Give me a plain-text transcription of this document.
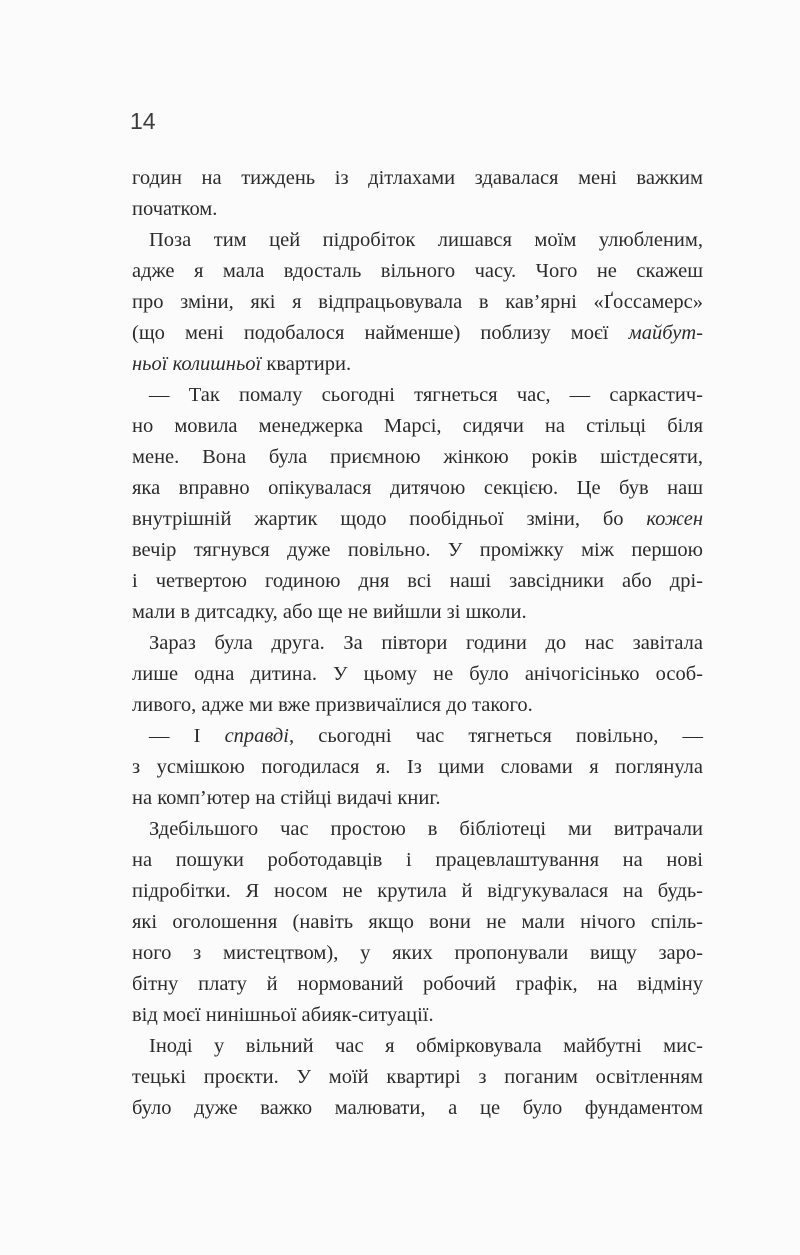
14

годин на тиждень із дітлахами здавалася мені важким
початком.

Поза тим цей підробіток лишався моїм улюбленим,
адже я мала вдосталь вільного часу. Чого не скажеш
про зміни, які я відпрацьовувала в кав’ярні «Ґоссамерс»
(що мені подобалося найменше) поблизу моєї майбут-
ньої колишньої квартири.

— Так помалу сьогодні тягнеться час, — саркастич-
но мовила менеджерка Марсі, сидячи на стільці біля
мене. Вона була приємною жінкою років шістдесяти,
яка вправно опікувалася дитячою секцією. Це був наш
внутрішній жартик щодо пообідньої зміни, бо кожен
вечір тягнувся дуже повільно. У проміжку між першою
і четвертою годиною дня всі наші завсідники або дрі-
мали в дитсадку, або ще не вийшли зі школи.

Зараз була друга. За півтори години до нас завітала
лише одна дитина. У цьому не було анічогісінько особ-
ливого, адже ми вже призвичаїлися до такого.

— І справді, сьогодні час тягнеться повільно, —
з усмішкою погодилася я. Із цими словами я поглянула
на комп’ютер на стійці видачі книг.

Здебільшого час простою в бібліотеці ми витрачали
на пошуки роботодавців і працевлаштування на нові
підробітки. Я носом не крутила й відгукувалася на будь-
які оголошення (навіть якщо вони не мали нічого спіль-
ного з мистецтвом), у яких пропонували вищу заро-
бітну плату й нормований робочий графік, на відміну
від моєї нинішньої абияк-ситуації.

Іноді у вільний час я обмірковувала майбутні мис-
тецькі проєкти. У моїй квартирі з поганим освітленням
було дуже важко малювати, а це було фундаментом
